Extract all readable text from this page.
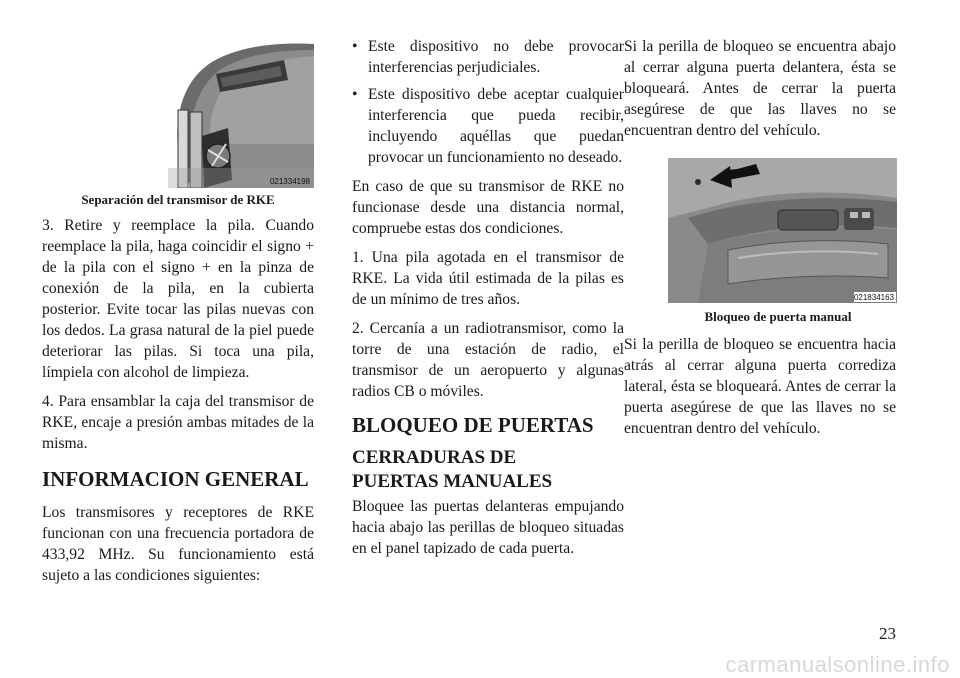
021334198
Separación del transmisor de RKE

3. Retire y reemplace la pila. Cuando reemplace la pila, haga coincidir el signo + de la pila con el signo + en la pinza de conexión de la pila, en la cubierta posterior. Evite tocar las pilas nuevas con los dedos. La grasa natural de la piel puede deteriorar las pilas. Si toca una pila, límpiela con alcohol de limpieza.

4. Para ensamblar la caja del transmisor de RKE, encaje a presión ambas mitades de la misma.

INFORMACION GENERAL

Los transmisores y receptores de RKE funcionan con una frecuencia portadora de 433,92 MHz. Su funcionamiento está sujeto a las condiciones siguientes:

• Este dispositivo no debe provocar interferencias perjudiciales.
• Este dispositivo debe aceptar cualquier interferencia que pueda recibir, incluyendo aquéllas que puedan provocar un funcionamiento no deseado.

En caso de que su transmisor de RKE no funcionase desde una distancia normal, compruebe estas dos condiciones.

1. Una pila agotada en el transmisor de RKE. La vida útil estimada de la pilas es de un mínimo de tres años.

2. Cercanía a un radiotransmisor, como la torre de una estación de radio, el transmisor de un aeropuerto y algunas radios CB o móviles.

BLOQUEO DE PUERTAS
CERRADURAS DE
PUERTAS MANUALES

Bloquee las puertas delanteras empujando hacia abajo las perillas de bloqueo situadas en el panel tapizado de cada puerta.

Si la perilla de bloqueo se encuentra abajo al cerrar alguna puerta delantera, ésta se bloqueará. Antes de cerrar la puerta asegúrese de que las llaves no se encuentran dentro del vehículo.

021834163
Bloqueo de puerta manual

Si la perilla de bloqueo se encuentra hacia atrás al cerrar alguna puerta corrediza lateral, ésta se bloqueará. Antes de cerrar la puerta asegúrese de que las llaves no se encuentran dentro del vehículo.

23
carmanualsonline.info
